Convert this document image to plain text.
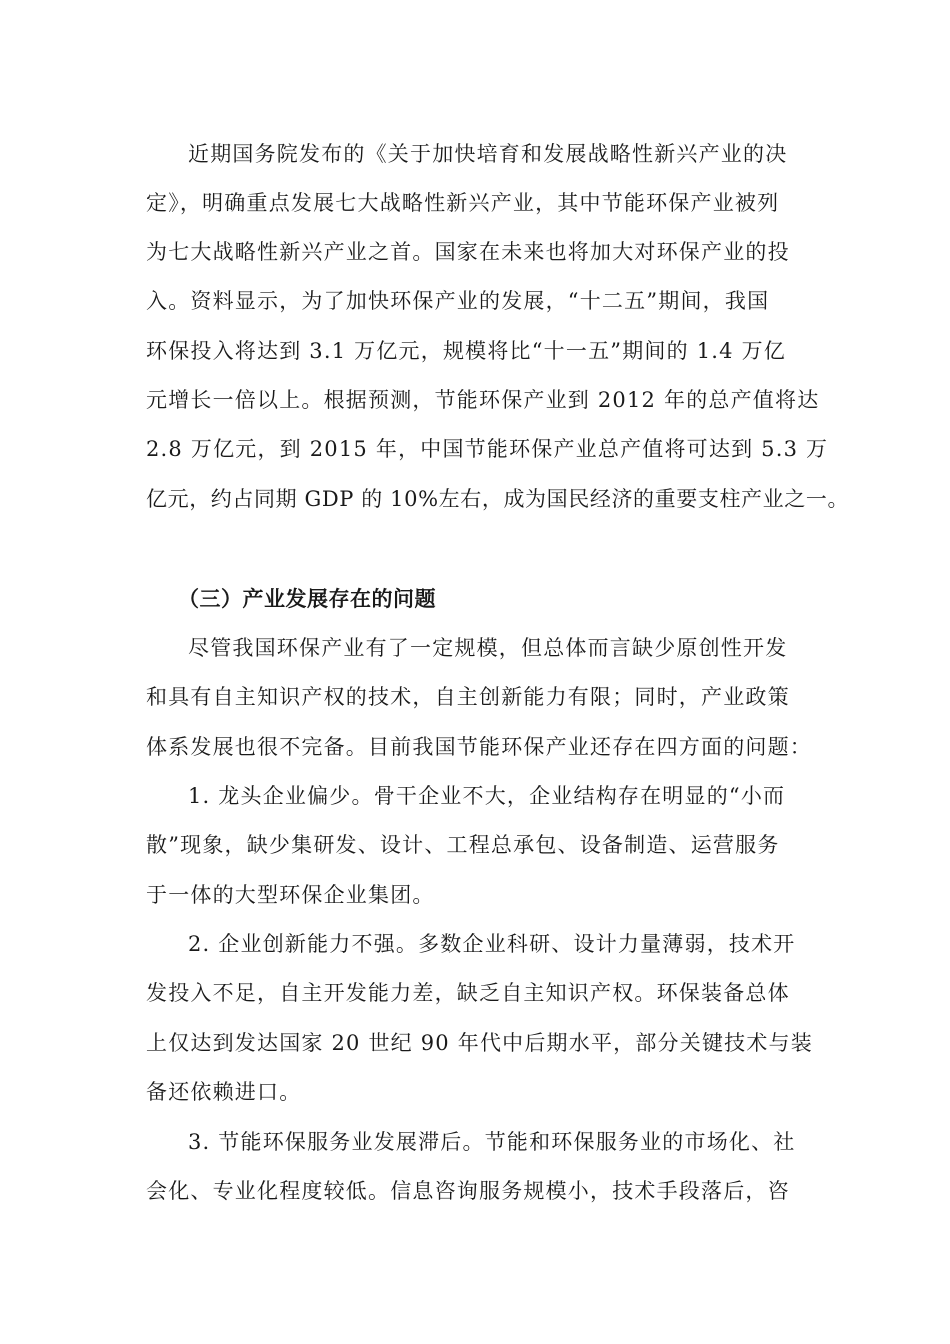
近期国务院发布的《关于加快培育和发展战略性新兴产业的决
定》，明确重点发展七大战略性新兴产业，其中节能环保产业被列
为七大战略性新兴产业之首。国家在未来也将加大对环保产业的投
入。资料显示，为了加快环保产业的发展，“十二五”期间，我国
环保投入将达到 3.1 万亿元，规模将比“十一五”期间的 1.4 万亿
元增长一倍以上。根据预测，节能环保产业到 2012 年的总产值将达
2.8 万亿元，到 2015 年，中国节能环保产业总产值将可达到 5.3 万
亿元，约占同期 GDP 的 10%左右，成为国民经济的重要支柱产业之一。
（三）产业发展存在的问题
尽管我国环保产业有了一定规模，但总体而言缺少原创性开发
和具有自主知识产权的技术，自主创新能力有限；同时，产业政策
体系发展也很不完备。目前我国节能环保产业还存在四方面的问题：
1. 龙头企业偏少。骨干企业不大，企业结构存在明显的“小而
散”现象，缺少集研发、设计、工程总承包、设备制造、运营服务
于一体的大型环保企业集团。
2. 企业创新能力不强。多数企业科研、设计力量薄弱，技术开
发投入不足，自主开发能力差，缺乏自主知识产权。环保装备总体
上仅达到发达国家 20 世纪 90 年代中后期水平，部分关键技术与装
备还依赖进口。
3. 节能环保服务业发展滞后。节能和环保服务业的市场化、社
会化、专业化程度较低。信息咨询服务规模小，技术手段落后，咨
